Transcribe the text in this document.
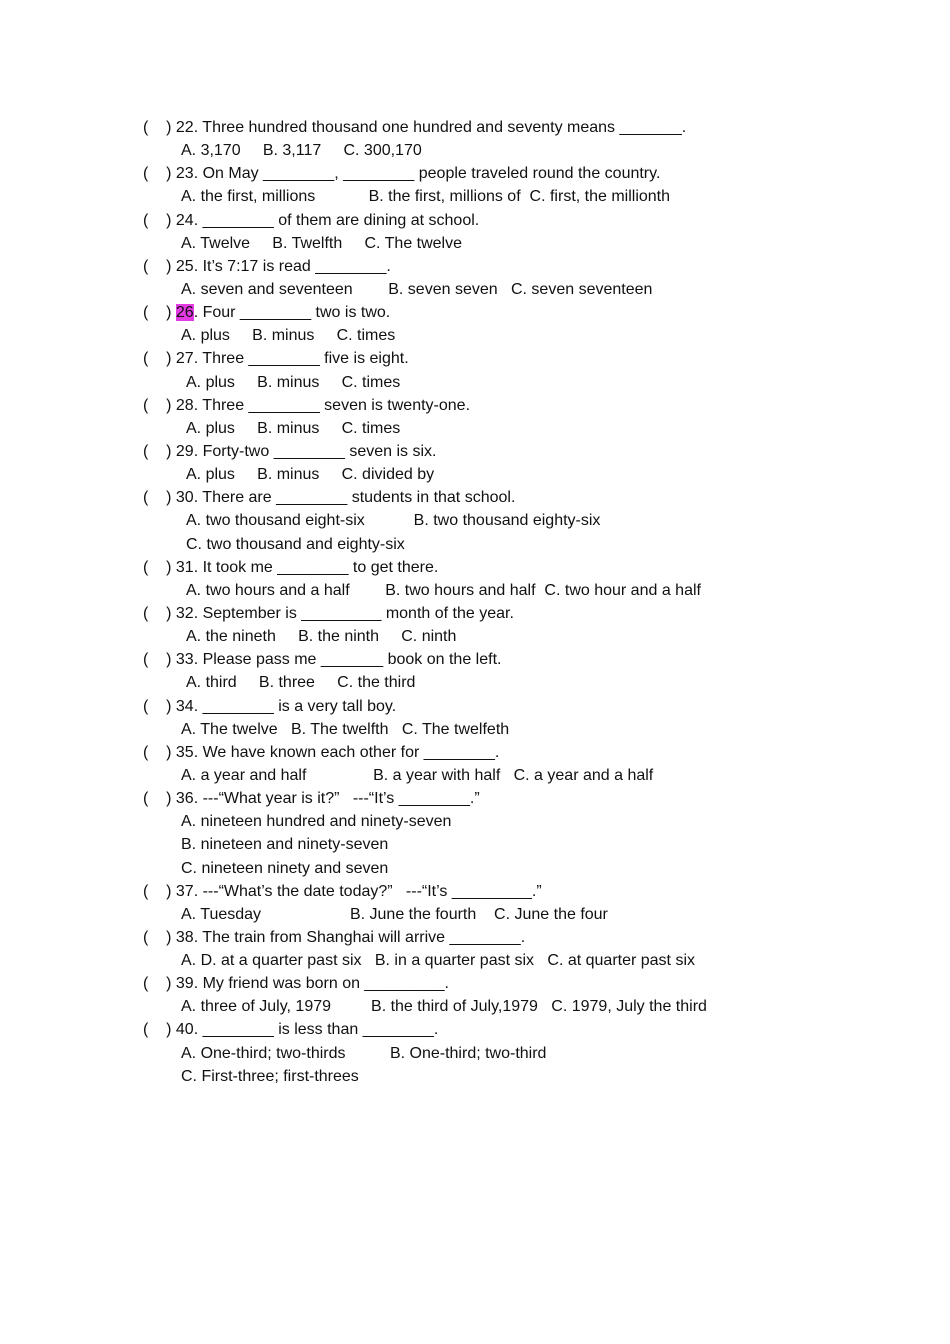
(    ) 22. Three hundred thousand one hundred and seventy means _______.
A. 3,170     B. 3,117     C. 300,170
(    ) 23. On May ________, ________ people traveled round the country.
A. the first, millions            B. the first, millions of  C. first, the millionth
(    ) 24. ________ of them are dining at school.
A. Twelve     B. Twelfth     C. The twelve
(    ) 25. It’s 7:17 is read ________.
A. seven and seventeen        B. seven seven   C. seven seventeen
(    ) 26. Four ________ two is two.
A. plus     B. minus     C. times
(    ) 27. Three ________ five is eight.
A. plus     B. minus     C. times
(    ) 28. Three ________ seven is twenty-one.
A. plus     B. minus     C. times
(    ) 29. Forty-two ________ seven is six.
A. plus     B. minus     C. divided by
(    ) 30. There are ________ students in that school.
A. two thousand eight-six           B. two thousand eighty-six
C. two thousand and eighty-six
(    ) 31. It took me ________ to get there.
A. two hours and a half        B. two hours and half  C. two hour and a half
(    ) 32. September is _________ month of the year.
A. the nineth     B. the ninth     C. ninth
(    ) 33. Please pass me _______ book on the left.
A. third     B. three     C. the third
(    ) 34. ________ is a very tall boy.
A. The twelve   B. The twelfth   C. The twelfeth
(    ) 35. We have known each other for ________.
A. a year and half               B. a year with half   C. a year and a half
(    ) 36. ---“What year is it?”   ---“It’s ________.”
A. nineteen hundred and ninety-seven
B. nineteen and ninety-seven
C. nineteen ninety and seven
(    ) 37. ---“What’s the date today?”   ---“It’s _________.”
A. Tuesday                    B. June the fourth    C. June the four
(    ) 38. The train from Shanghai will arrive ________.
A. D. at a quarter past six   B. in a quarter past six   C. at quarter past six
(    ) 39. My friend was born on _________.
A. three of July, 1979         B. the third of July,1979   C. 1979, July the third
(    ) 40. ________ is less than ________.
A. One-third; two-thirds          B. One-third; two-third
C. First-three; first-threes
